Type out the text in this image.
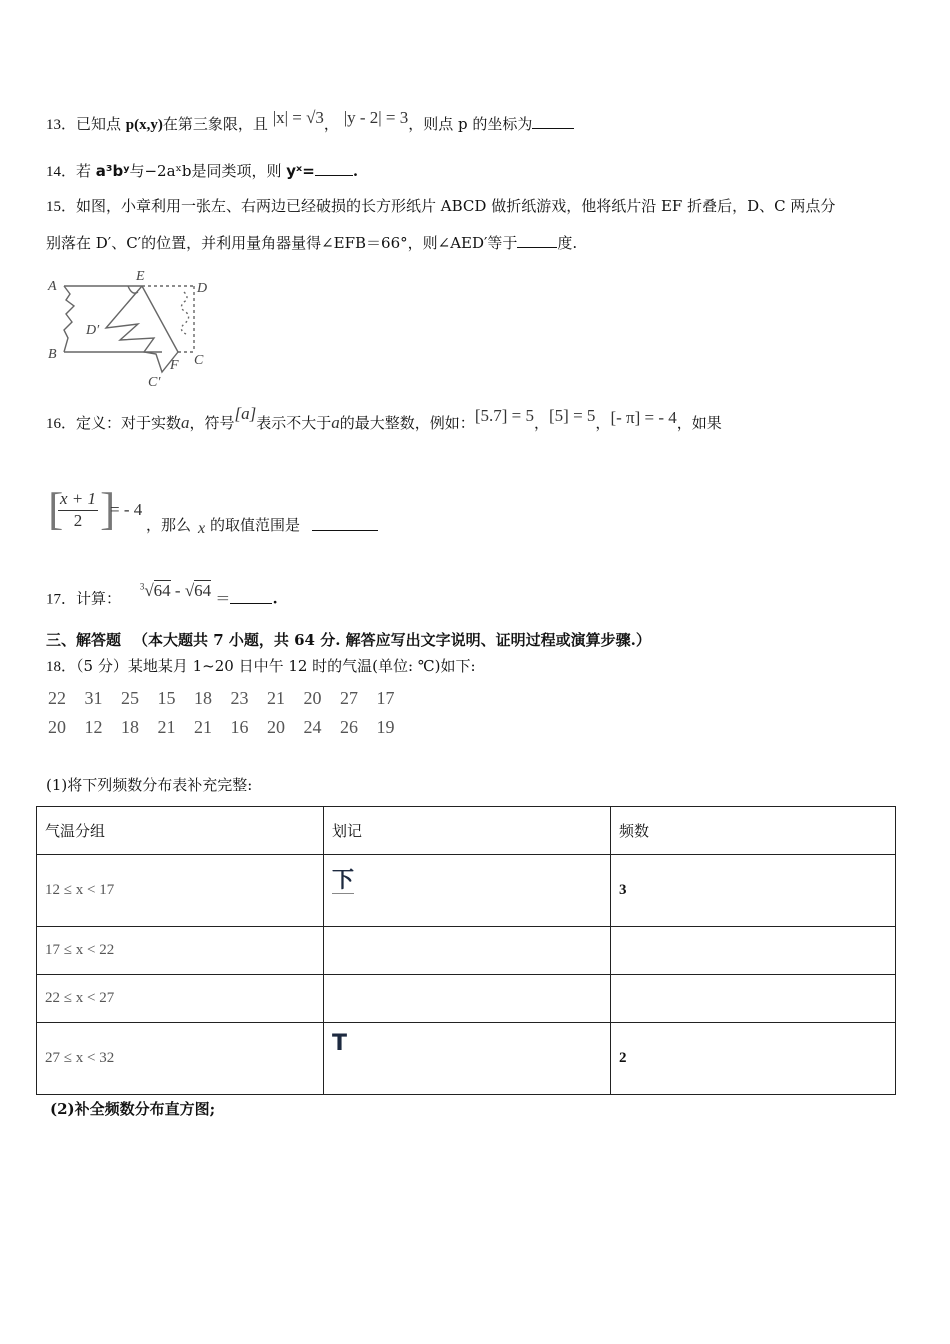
13．已知点 p(x,y)在第三象限，且 |x| = √3， |y - 2| = 3，则点 p 的坐标为
14．若 a³bʸ与−2aˣb是同类项，则 yˣ=	.
15．如图，小章利用一张左、右两边已经破损的长方形纸片 ABCD 做折纸游戏，他将纸片沿 EF 折叠后，D、C 两点分
别落在 D′、C′的位置，并利用量角器量得∠EFB＝66°，则∠AED′等于	度.
A
E
D
D′
B
F C
C′
16．定义：对于实数a，符号[a]表示不大于a的最大整数，例如：[5.7] = 5，[5] = 5，[- π] = - 4，如果
[
$\frac{x + 1}{2}$ ]
= - 4
，那么 x 的取值范围是
17．计算： $^3$√64 - √64 ＝	.
三、解答题 （本大题共 7 小题，共 64 分. 解答应写出文字说明、证明过程或演算步骤.）
18．（5 分）某地某月 1~20 日中午 12 时的气温(单位: ℃)如下:
22 31 25 15 18 23 21 20 27 17
20 12 18 21 21 16 20 24 26 19
(1)将下列频数分布表补充完整:
气温分组	划记	频数
12 ≤ x < 17	下	3
17 ≤ x < 22		
22 ≤ x < 27		
27 ≤ x < 32	T	2
(2)补全频数分布直方图;
